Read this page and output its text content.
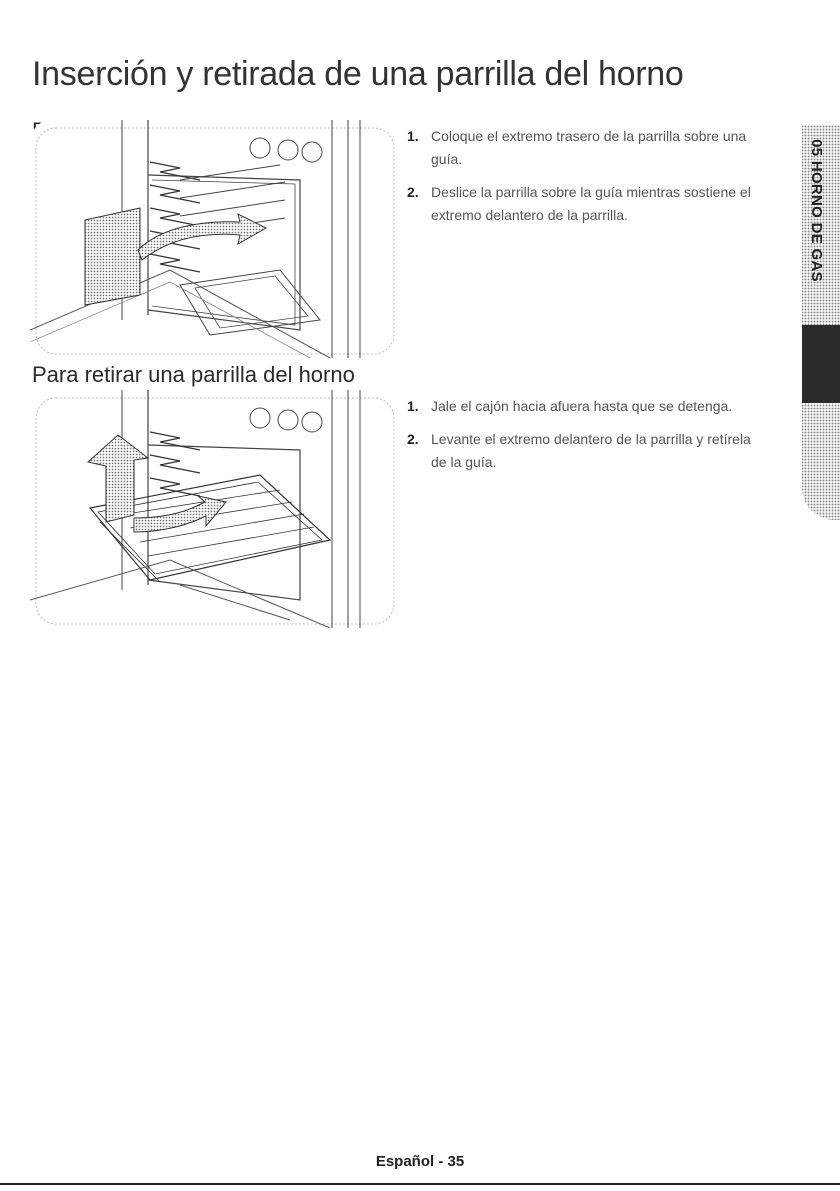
Inserción y retirada de una parrilla del horno
1. Coloque el extremo trasero de la parrilla sobre una guía.
2. Deslice la parrilla sobre la guía mientras sostiene el extremo delantero de la parrilla.
Para retirar una parrilla del horno
1. Jale el cajón hacia afuera hasta que se detenga.
2. Levante el extremo delantero de la parrilla y retírela de la guía.
05 HORNO DE GAS
Español - 35
